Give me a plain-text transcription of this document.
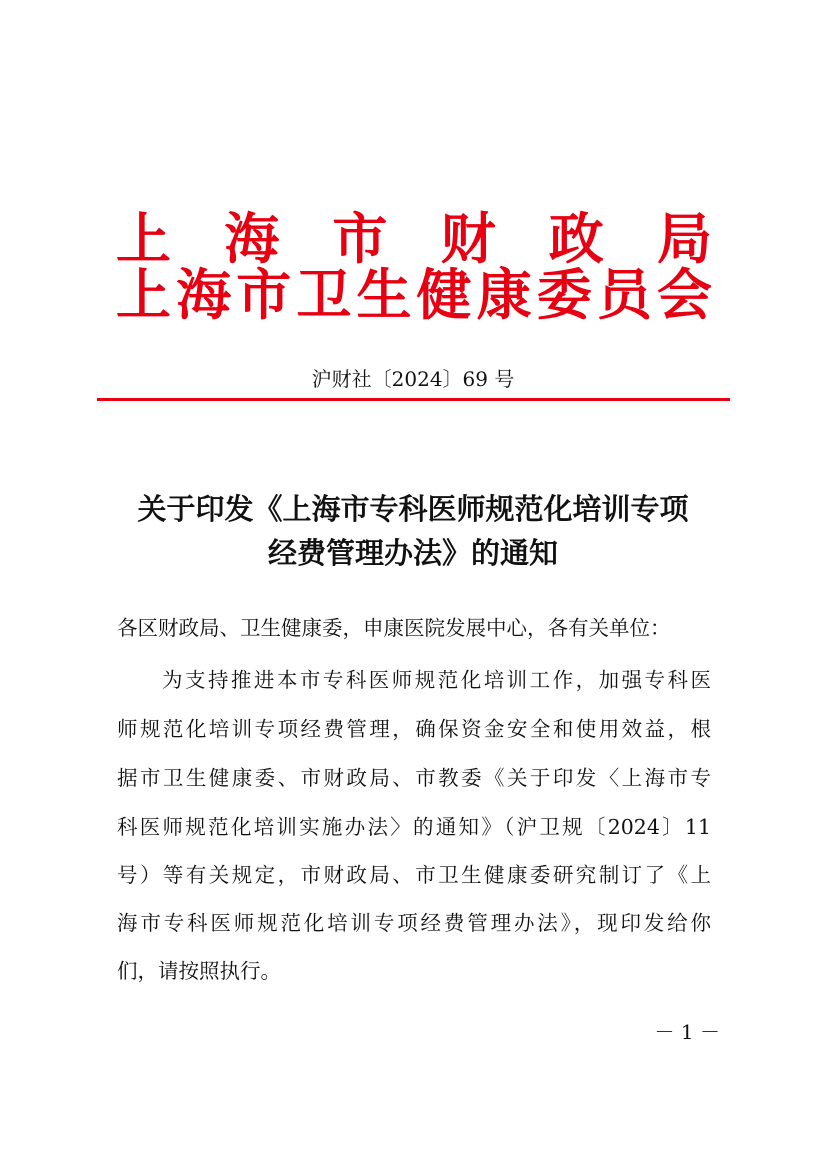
上 海 市 财 政 局
上 海 市 卫 生 健 康 委 员 会
沪财社〔2024〕69 号
关于印发《上海市专科医师规范化培训专项
经费管理办法》的通知
各区财政局、卫生健康委，申康医院发展中心，各有关单位：
为支持推进本市专科医师规范化培训工作，加强专科医
师规范化培训专项经费管理，确保资金安全和使用效益，根
据市卫生健康委、市财政局、市教委《关于印发〈上海市专
科医师规范化培训实施办法〉的通知》（沪卫规〔2024〕11
号）等有关规定，市财政局、市卫生健康委研究制订了《上
海市专科医师规范化培训专项经费管理办法》，现印发给你
们，请按照执行。
－ 1 －
